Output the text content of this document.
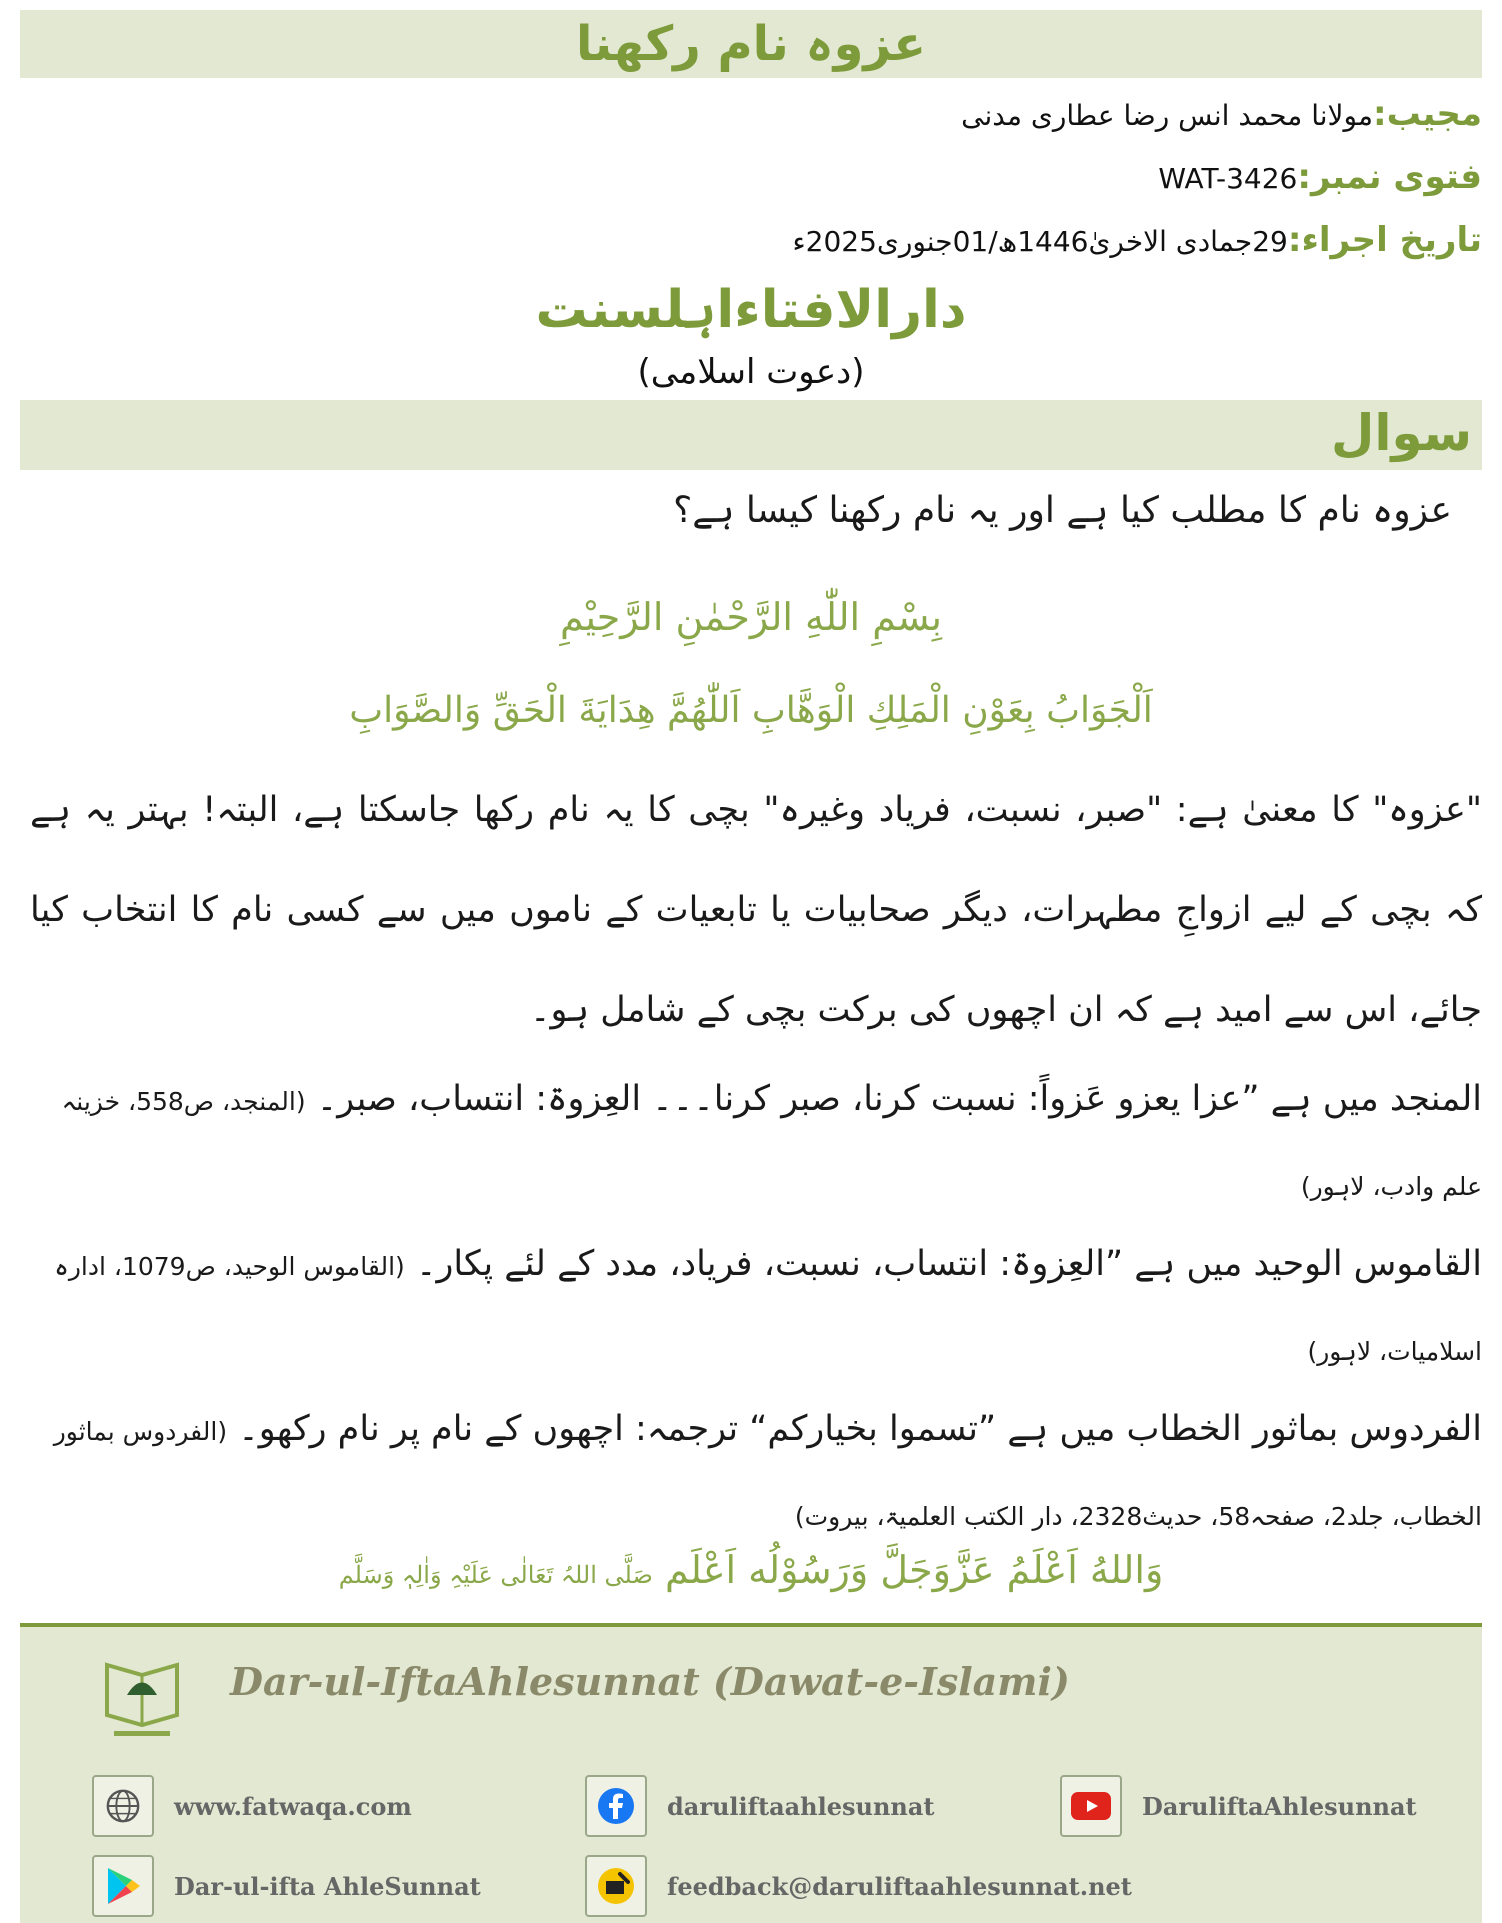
عزوہ نام رکھنا
مجیب:مولانا محمد انس رضا عطاری مدنی
فتوی نمبر:WAT-3426
تاریخ اجراء:29جمادی الاخریٰ1446ھ/01جنوری2025ء
دارالافتاءاہلسنت
(دعوت اسلامی)
سوال
عزوہ نام کا مطلب کیا ہے اور یہ نام رکھنا کیسا ہے؟
بِسْمِ اللّٰهِ الرَّحْمٰنِ الرَّحِيْمِ
اَلْجَوَابُ بِعَوْنِ الْمَلِكِ الْوَهَّابِ اَللّٰهُمَّ هِدَايَةَ الْحَقِّ وَالصَّوَابِ
"عزوہ" کا معنیٰ ہے: "صبر، نسبت، فریاد وغیرہ" بچی کا یہ نام رکھا جاسکتا ہے، البتہ! بہتر یہ ہے کہ بچی کے لیے ازواجِ مطہرات، دیگر صحابیات یا تابعیات کے ناموں میں سے کسی نام کا انتخاب کیا جائے، اس سے امید ہے کہ ان اچھوں کی برکت بچی کے شامل ہو۔
المنجد میں ہے ”عزا یعزو عَزواً: نسبت کرنا، صبر کرنا۔۔۔ العِزوۃ: انتساب، صبر۔ (المنجد، ص558، خزینہ علم وادب، لاہور)
القاموس الوحید میں ہے ”العِزوۃ: انتساب، نسبت، فریاد، مدد کے لئے پکار۔ (القاموس الوحید، ص1079، ادارہ اسلامیات، لاہور)
الفردوس بماثور الخطاب میں ہے ”تسموا بخیارکم“ ترجمہ: اچھوں کے نام پر نام رکھو۔ (الفردوس بماثور الخطاب، جلد2، صفحہ58، حدیث2328، دار الکتب العلمیۃ، بیروت)
وَاللهُ اَعْلَمُ عَزَّوَجَلَّ وَرَسُوْلُه اَعْلَم صَلَّی اللہُ تَعَالٰی عَلَیْہِ وَاٰلِہٖ وَسَلَّم
Dar-ul-IftaAhlesunnat (Dawat-e-Islami)
www.fatwaqa.com	daruliftaahlesunnat	DaruliftaAhlesunnat
Dar-ul-ifta AhleSunnat	feedback@daruliftaahlesunnat.net
